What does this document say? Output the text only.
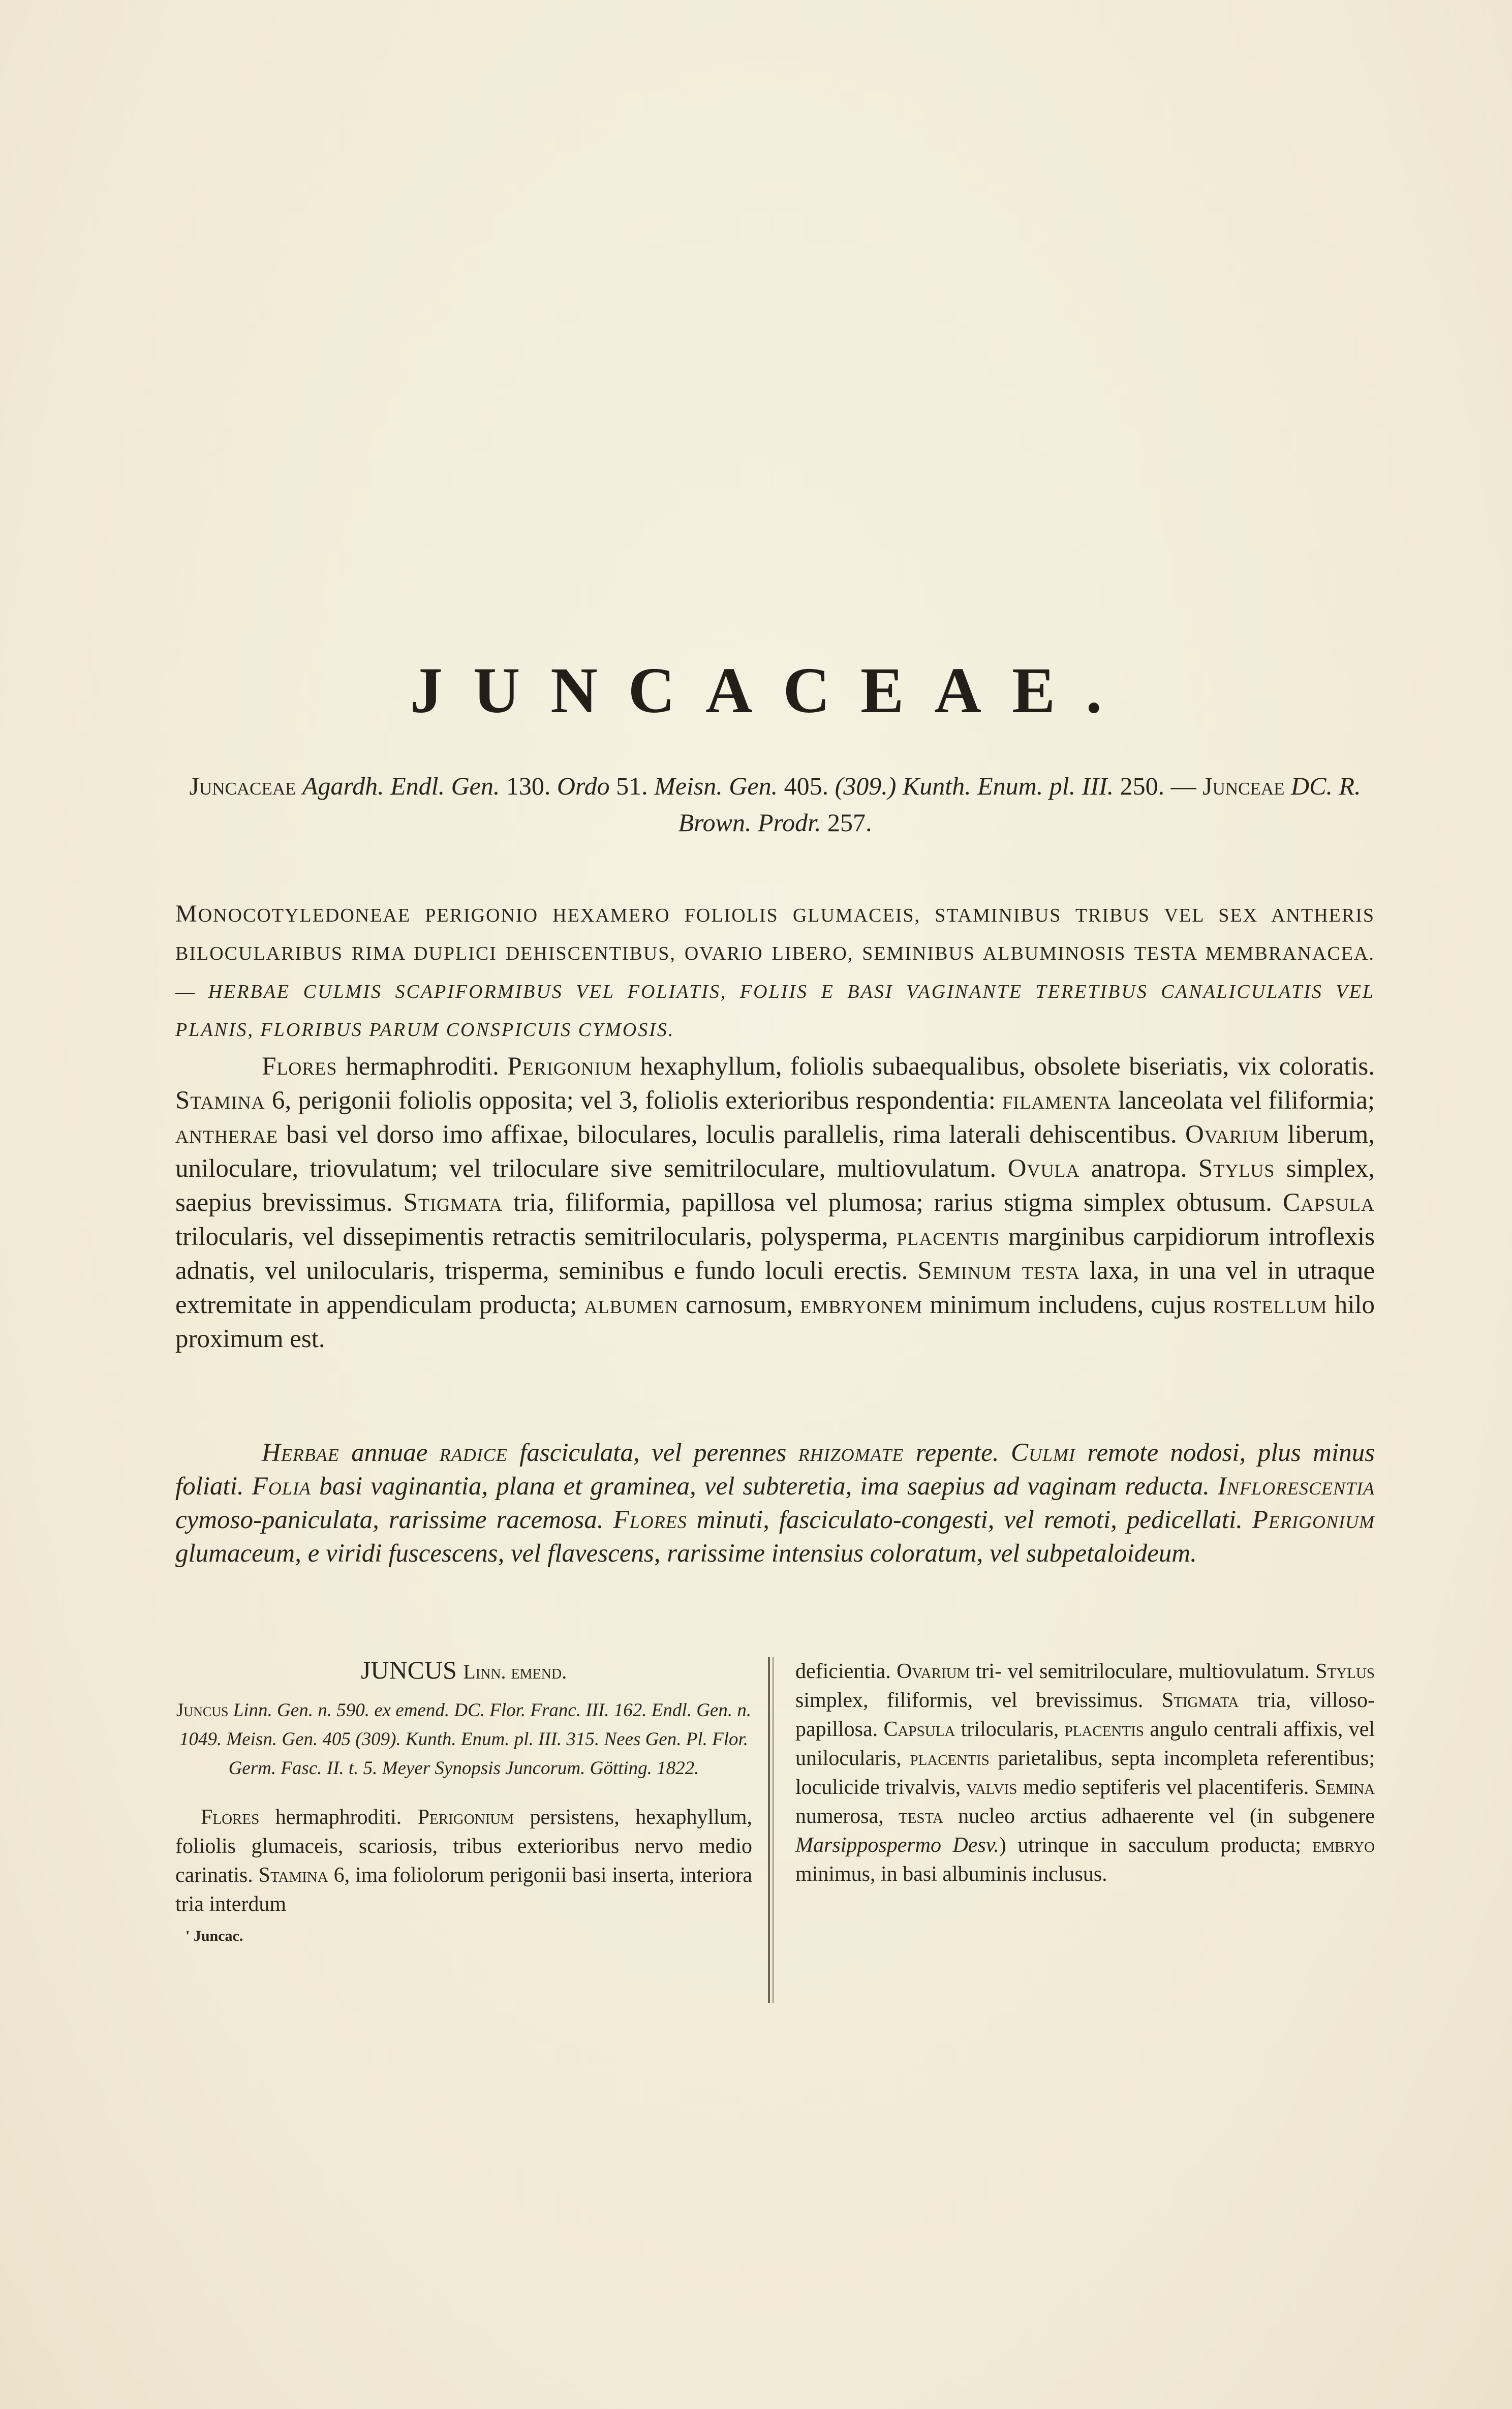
JUNCACEAE.
Juncaceae Agardh. Endl. Gen. 130. Ordo 51. Meisn. Gen. 405. (309.) Kunth. Enum. pl. III. 250. — Junceae DC. R. Brown. Prodr. 257.
MONOCOTYLEDONEAE PERIGONIO HEXAMERO FOLIOLIS GLUMACEIS, STAMINIBUS TRIBUS VEL SEX ANTHERIS BILOCULARIBUS RIMA DUPLICI DEHISCENTIBUS, OVARIO LIBERO, SEMINIBUS ALBUMINOSIS TESTA MEMBRANACEA. — HERBAE CULMIS SCAPIFORMIBUS VEL FOLIATIS, FOLIIS E BASI VAGINANTE TERETIBUS CANALICULATIS VEL PLANIS, FLORIBUS PARUM CONSPICUIS CYMOSIS.

Flores hermaphroditi. Perigonium hexaphyllum, foliolis subaequalibus, obsolete biseriatis, vix coloratis. Stamina 6, perigonii foliolis opposita; vel 3, foliolis exterioribus respondentia: filamenta lanceolata vel filiformia; antherae basi vel dorso imo affixae, biloculares, loculis parallelis, rima laterali dehiscentibus. Ovarium liberum, uniloculare, triovulatum; vel triloculare sive semitriloculare, multiovulatum. Ovula anatropa. Stylus simplex, saepius brevissimus. Stigmata tria, filiformia, papillosa vel plumosa; rarius stigma simplex obtusum. Capsula trilocularis, vel dissepimentis retractis semitrilocularis, polysperma, placentis marginibus carpidiorum introflexis adnatis, vel unilocularis, trisperma, seminibus e fundo loculi erectis. Seminum testa laxa, in una vel in utraque extremitate in appendiculam producta; albumen carnosum, embryonem minimum includens, cujus rostellum hilo proximum est.

Herbae annuae radice fasciculata, vel perennes rhizomate repente. Culmi remote nodosi, plus minus foliati. Folia basi vaginantia, plana et graminea, vel subteretia, ima saepius ad vaginam reducta. Inflorescentia cymoso-paniculata, rarissime racemosa. Flores minuti, fasciculato-congesti, vel remoti, pedicellati. Perigonium glumaceum, e viridi fuscescens, vel flavescens, rarissime intensius coloratum, vel subpetaloideum.

JUNCUS Linn. emend.
Juncus Linn. Gen. n. 590. ex emend. DC. Flor. Franc. III. 162. Endl. Gen. n. 1049. Meisn. Gen. 405 (309). Kunth. Enum. pl. III. 315. Nees Gen. Pl. Flor. Germ. Fasc. II. t. 5. Meyer Synopsis Juncorum. Götting. 1822.

Flores hermaphroditi. Perigonium persistens, hexaphyllum, foliolis glumaceis, scariosis, tribus exterioribus nervo medio carinatis. Stamina 6, ima foliolorum perigonii basi inserta, interiora tria interdum

' Juncac.

deficientia. Ovarium tri- vel semitriloculare, multiovulatum. Stylus simplex, filiformis, vel brevissimus. Stigmata tria, villoso-papillosa. Capsula trilocularis, placentis angulo centrali affixis, vel unilocularis, placentis parietalibus, septa incompleta referentibus; loculicide trivalvis, valvis medio septiferis vel placentiferis. Semina numerosa, testa nucleo arctius adhaerente vel (in subgenere Marsippospermo Desv.) utrinque in sacculum producta; embryo minimus, in basi albuminis inclusus.
